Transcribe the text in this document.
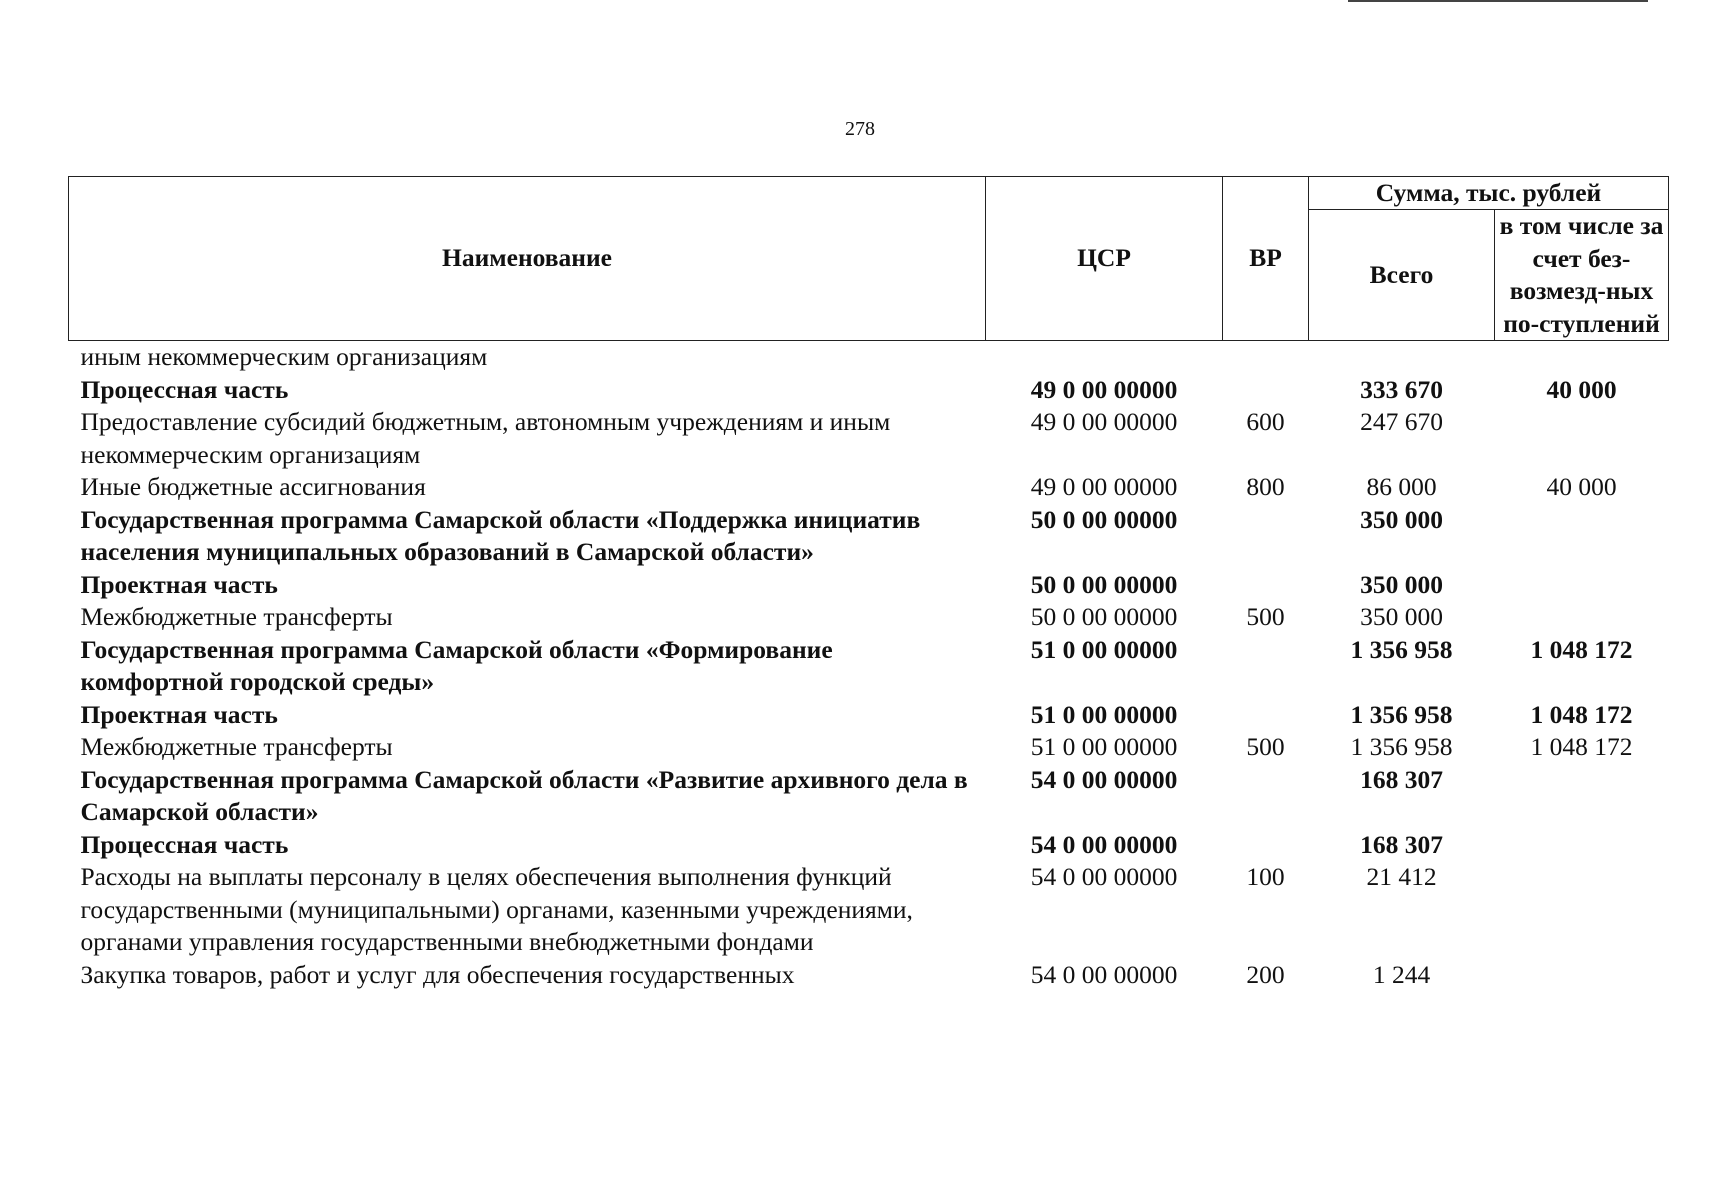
278
Наименование	ЦСР	ВР	Сумма, тыс. рублей	
			Всего	в том числе за счет без-возмезд-ных по-ступлений
иным некоммерческим организациям				
Процессная часть	49 0 00 00000		333 670	40 000
Предоставление субсидий бюджетным, автономным учреждениям и иным некоммерческим организациям	49 0 00 00000	600	247 670	
Иные бюджетные ассигнования	49 0 00 00000	800	86 000	40 000
Государственная программа Самарской области «Поддержка инициатив населения муниципальных образований в Самарской области»	50 0 00 00000		350 000	
Проектная часть	50 0 00 00000		350 000	
Межбюджетные трансферты	50 0 00 00000	500	350 000	
Государственная программа Самарской области «Формирование комфортной городской среды»	51 0 00 00000		1 356 958	1 048 172
Проектная часть	51 0 00 00000		1 356 958	1 048 172
Межбюджетные трансферты	51 0 00 00000	500	1 356 958	1 048 172
Государственная программа Самарской области «Развитие архивного дела в Самарской области»	54 0 00 00000		168 307	
Процессная часть	54 0 00 00000		168 307	
Расходы на выплаты персоналу в целях обеспечения выполнения функций государственными (муниципальными) органами, казенными учреждениями, органами управления государственными внебюджетными фондами	54 0 00 00000	100	21 412	
Закупка товаров, работ и услуг для обеспечения государственных	54 0 00 00000	200	1 244	
